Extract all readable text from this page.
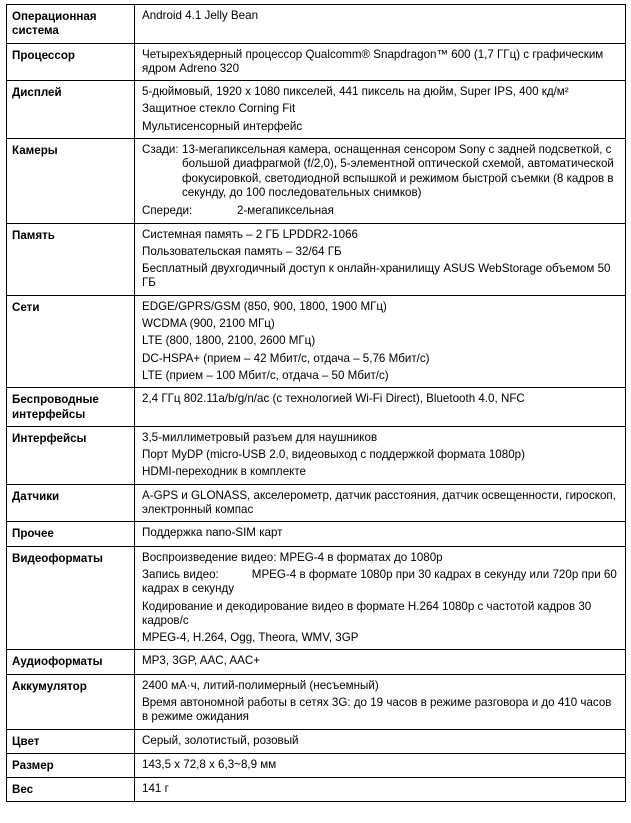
Операционная система	Android 4.1 Jelly Bean

Процессор	Четырехъядерный процессор Qualcomm® Snapdragon™ 600 (1,7 ГГц) с графическим ядром Adreno 320

Дисплей	5-дюймовый, 1920 х 1080 пикселей, 441 пиксель на дюйм, Super IPS, 400 кд/м²
Защитное стекло Corning Fit
Мультисенсорный интерфейс

Камеры	Сзади: 13-мегапиксельная камера, оснащенная сенсором Sony с задней подсветкой, с большой диафрагмой (f/2,0), 5-элементной оптической схемой, автоматической фокусировкой, светодиодной вспышкой и режимом быстрой съемки (8 кадров в секунду, до 100 последовательных снимков)
Спереди: 2-мегапиксельная

Память	Системная память – 2 ГБ LPDDR2-1066
Пользовательская память – 32/64 ГБ
Бесплатный двухгодичный доступ к онлайн-хранилищу ASUS WebStorage объемом 50 ГБ

Сети	EDGE/GPRS/GSM (850, 900, 1800, 1900 МГц)
WCDMA (900, 2100 МГц)
LTE (800, 1800, 2100, 2600 МГц)
DC-HSPA+ (прием – 42 Мбит/с, отдача – 5,76 Мбит/с)
LTE (прием – 100 Мбит/с, отдача – 50 Мбит/с)

Беспроводные интерфейсы	2,4 ГГц 802.11a/b/g/n/ac (с технологией Wi-Fi Direct), Bluetooth 4.0, NFC

Интерфейсы	3,5-миллиметровый разъем для наушников
Порт MyDP (micro-USB 2.0, видеовыход с поддержкой формата 1080p)
HDMI-переходник в комплекте

Датчики	A-GPS и GLONASS, акселерометр, датчик расстояния, датчик освещенности, гироскоп, электронный компас

Прочее	Поддержка nano-SIM карт

Видеоформаты	Воспроизведение видео: MPEG-4 в форматах до 1080p
Запись видео: MPEG-4 в формате 1080p при 30 кадрах в секунду или 720p при 60 кадрах в секунду
Кодирование и декодирование видео в формате H.264 1080p с частотой кадров 30 кадров/с
MPEG-4, H.264, Ogg, Theora, WMV, 3GP

Аудиоформаты	MP3, 3GP, AAC, AAC+

Аккумулятор	2400 мА·ч, литий-полимерный (несъемный)
Время автономной работы в сетях 3G: до 19 часов в режиме разговора и до 410 часов в режиме ожидания

Цвет	Серый, золотистый, розовый

Размер	143,5 х 72,8 х 6,3~8,9 мм

Вес	141 г
